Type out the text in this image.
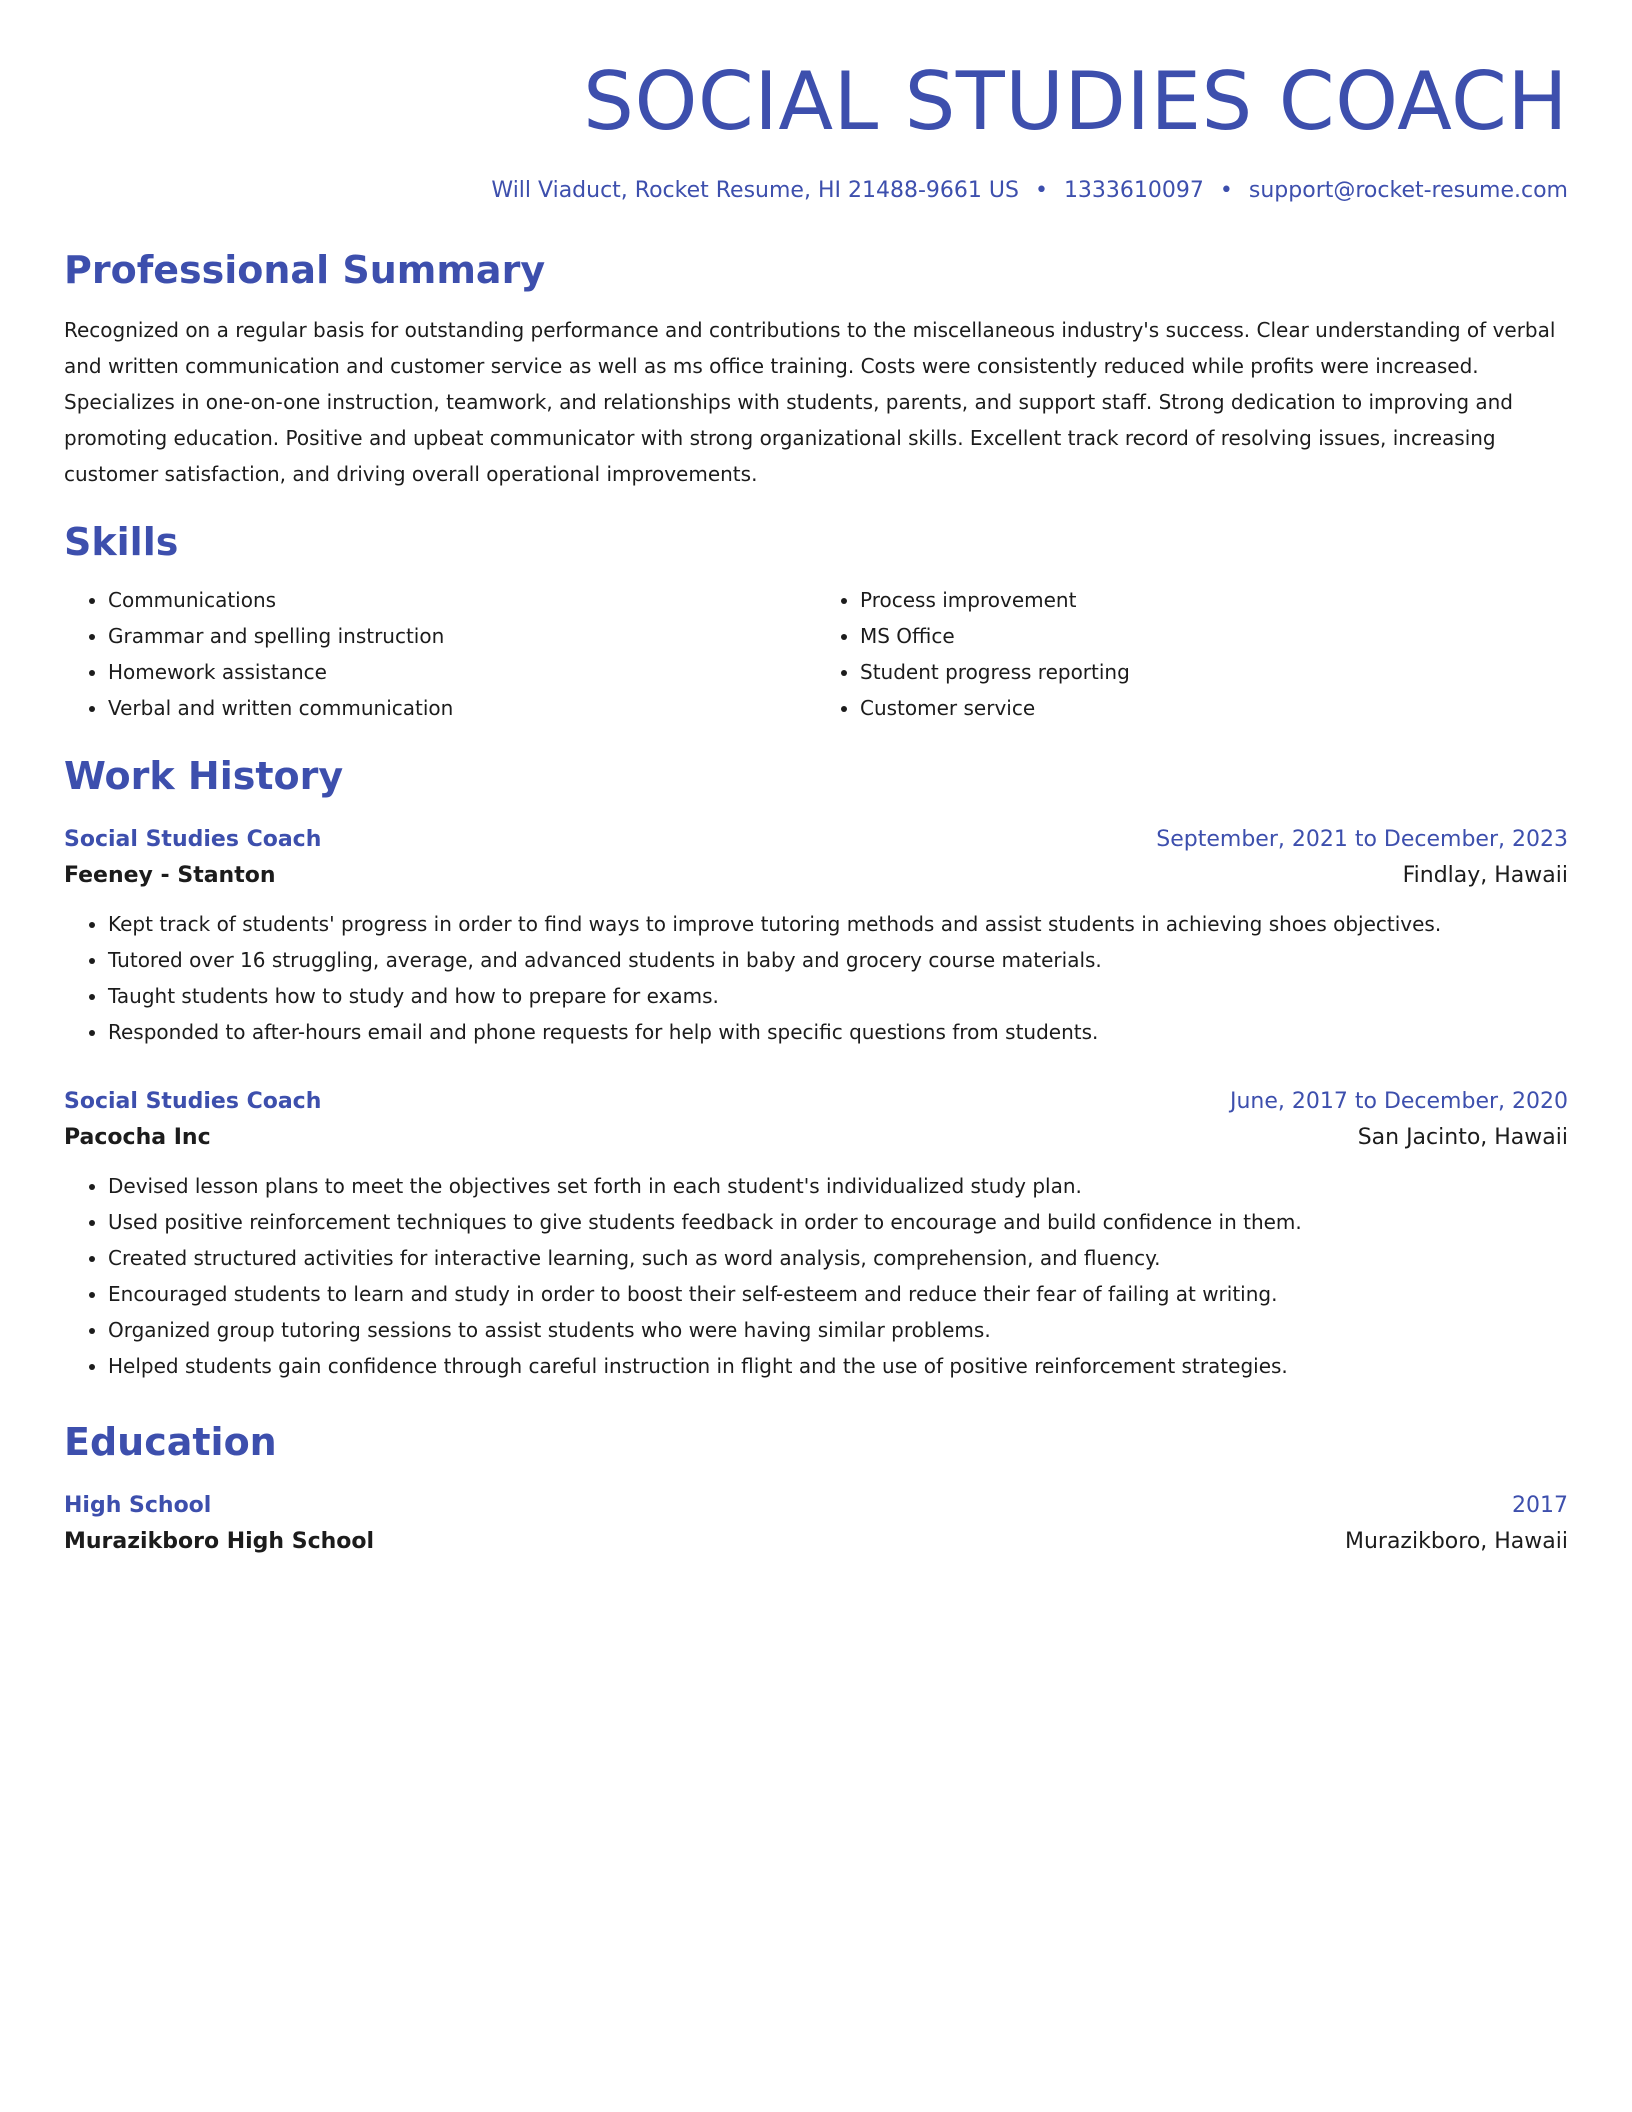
SOCIAL STUDIES COACH
Will Viaduct, Rocket Resume, HI 21488-9661 US • 1333610097 • support@rocket-resume.com
Professional Summary
Recognized on a regular basis for outstanding performance and contributions to the miscellaneous industry's success. Clear understanding of verbal and written communication and customer service as well as ms office training. Costs were consistently reduced while profits were increased. Specializes in one-on-one instruction, teamwork, and relationships with students, parents, and support staff. Strong dedication to improving and promoting education. Positive and upbeat communicator with strong organizational skills. Excellent track record of resolving issues, increasing customer satisfaction, and driving overall operational improvements.
Skills
• Communications
• Grammar and spelling instruction
• Homework assistance
• Verbal and written communication
• Process improvement
• MS Office
• Student progress reporting
• Customer service
Work History
Social Studies Coach	September, 2021 to December, 2023
Feeney - Stanton	Findlay, Hawaii
• Kept track of students' progress in order to find ways to improve tutoring methods and assist students in achieving shoes objectives.
• Tutored over 16 struggling, average, and advanced students in baby and grocery course materials.
• Taught students how to study and how to prepare for exams.
• Responded to after-hours email and phone requests for help with specific questions from students.
Social Studies Coach	June, 2017 to December, 2020
Pacocha Inc	San Jacinto, Hawaii
• Devised lesson plans to meet the objectives set forth in each student's individualized study plan.
• Used positive reinforcement techniques to give students feedback in order to encourage and build confidence in them.
• Created structured activities for interactive learning, such as word analysis, comprehension, and fluency.
• Encouraged students to learn and study in order to boost their self-esteem and reduce their fear of failing at writing.
• Organized group tutoring sessions to assist students who were having similar problems.
• Helped students gain confidence through careful instruction in flight and the use of positive reinforcement strategies.
Education
High School	2017
Murazikboro High School	Murazikboro, Hawaii
